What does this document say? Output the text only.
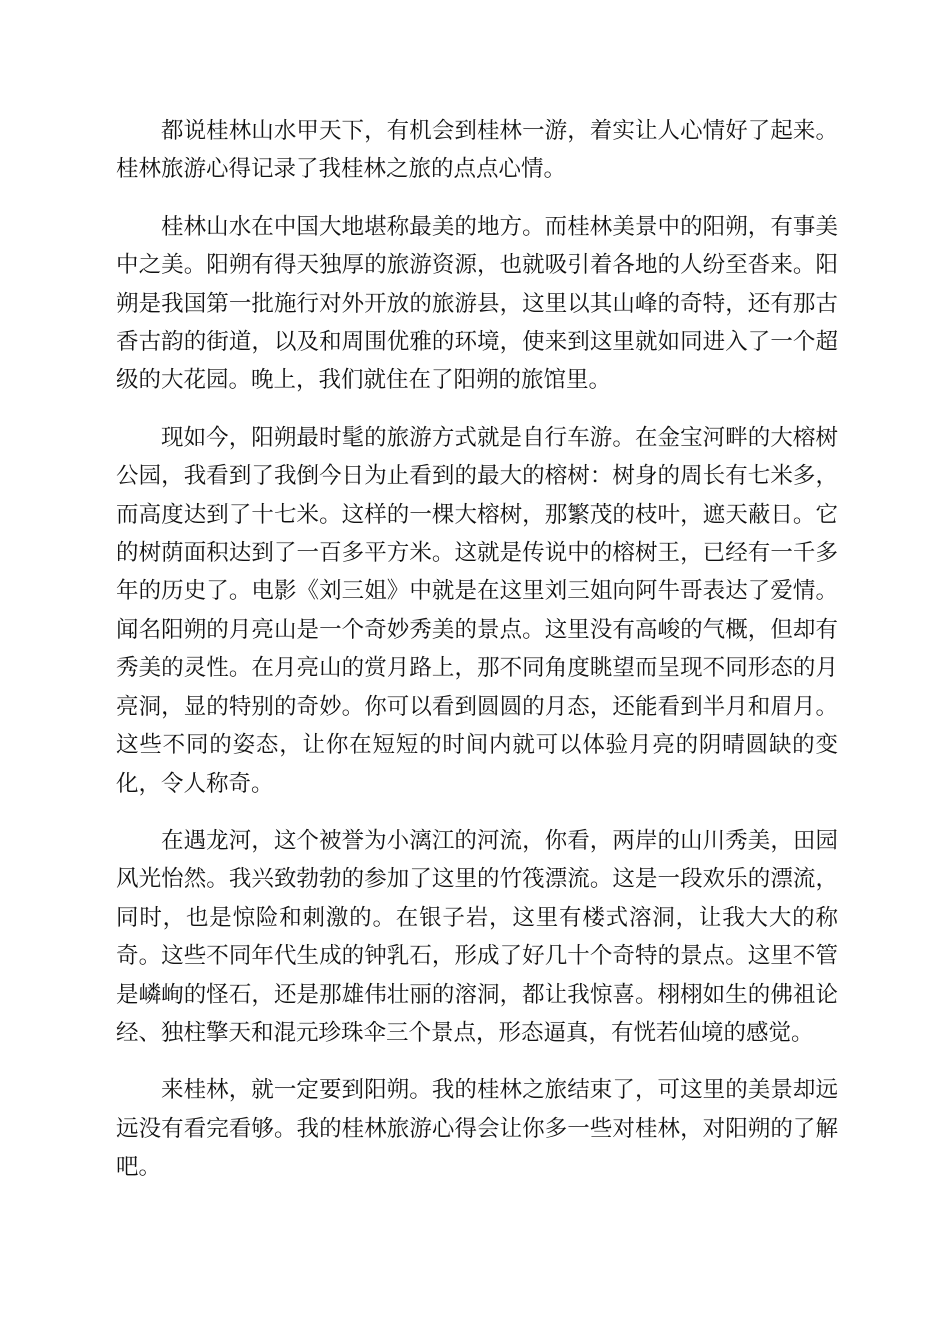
都说桂林山水甲天下，有机会到桂林一游，着实让人心情好了起来。桂林旅游心得记录了我桂林之旅的点点心情。

桂林山水在中国大地堪称最美的地方。而桂林美景中的阳朔，有事美中之美。阳朔有得天独厚的旅游资源，也就吸引着各地的人纷至沓来。阳朔是我国第一批施行对外开放的旅游县，这里以其山峰的奇特，还有那古香古韵的街道，以及和周围优雅的环境，使来到这里就如同进入了一个超级的大花园。晚上，我们就住在了阳朔的旅馆里。

现如今，阳朔最时髦的旅游方式就是自行车游。在金宝河畔的大榕树公园，我看到了我倒今日为止看到的最大的榕树：树身的周长有七米多，而高度达到了十七米。这样的一棵大榕树，那繁茂的枝叶，遮天蔽日。它的树荫面积达到了一百多平方米。这就是传说中的榕树王，已经有一千多年的历史了。电影《刘三姐》中就是在这里刘三姐向阿牛哥表达了爱情。闻名阳朔的月亮山是一个奇妙秀美的景点。这里没有高峻的气概，但却有秀美的灵性。在月亮山的赏月路上，那不同角度眺望而呈现不同形态的月亮洞，显的特别的奇妙。你可以看到圆圆的月态，还能看到半月和眉月。这些不同的姿态，让你在短短的时间内就可以体验月亮的阴晴圆缺的变化，令人称奇。

在遇龙河，这个被誉为小漓江的河流，你看，两岸的山川秀美，田园风光怡然。我兴致勃勃的参加了这里的竹筏漂流。这是一段欢乐的漂流，同时，也是惊险和刺激的。在银子岩，这里有楼式溶洞，让我大大的称奇。这些不同年代生成的钟乳石，形成了好几十个奇特的景点。这里不管是嶙峋的怪石，还是那雄伟壮丽的溶洞，都让我惊喜。栩栩如生的佛祖论经、独柱擎天和混元珍珠伞三个景点，形态逼真，有恍若仙境的感觉。

来桂林，就一定要到阳朔。我的桂林之旅结束了，可这里的美景却远远没有看完看够。我的桂林旅游心得会让你多一些对桂林，对阳朔的了解吧。
